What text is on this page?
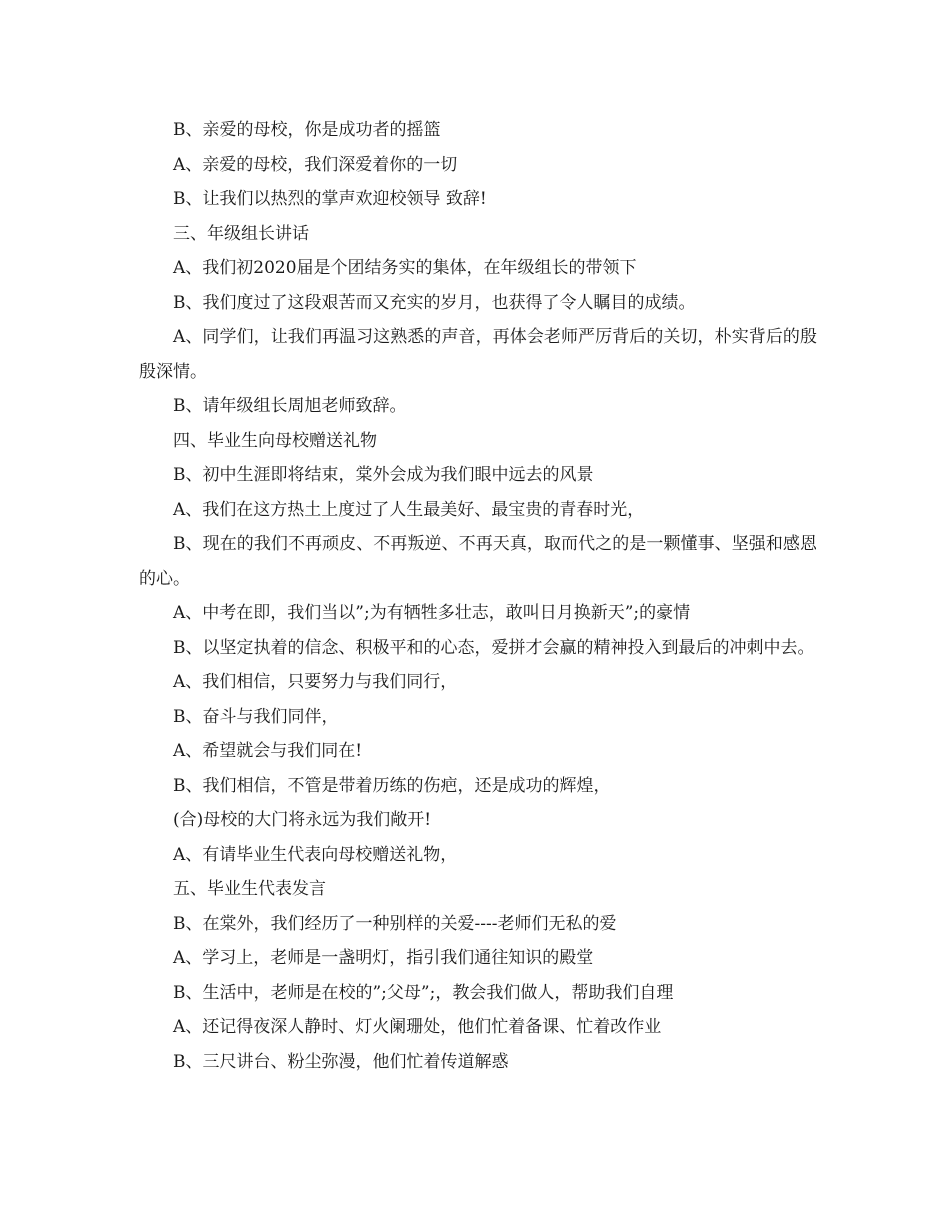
B、亲爱的母校，你是成功者的摇篮

A、亲爱的母校，我们深爱着你的一切

B、让我们以热烈的掌声欢迎校领导 致辞!

三、年级组长讲话

A、我们初2020届是个团结务实的集体，在年级组长的带领下

B、我们度过了这段艰苦而又充实的岁月，也获得了令人瞩目的成绩。

A、同学们，让我们再温习这熟悉的声音，再体会老师严厉背后的关切，朴实背后的殷殷深情。

B、请年级组长周旭老师致辞。

四、毕业生向母校赠送礼物

B、初中生涯即将结束，棠外会成为我们眼中远去的风景

A、我们在这方热土上度过了人生最美好、最宝贵的青春时光，

B、现在的我们不再顽皮、不再叛逆、不再天真，取而代之的是一颗懂事、坚强和感恩的心。

A、中考在即，我们当以”;为有牺牲多壮志，敢叫日月换新天”;的豪情

B、以坚定执着的信念、积极平和的心态，爱拼才会赢的精神投入到最后的冲刺中去。

A、我们相信，只要努力与我们同行，

B、奋斗与我们同伴，

A、希望就会与我们同在!

B、我们相信，不管是带着历练的伤疤，还是成功的辉煌，

(合)母校的大门将永远为我们敞开!

A、有请毕业生代表向母校赠送礼物，

五、毕业生代表发言

B、在棠外，我们经历了一种别样的关爱----老师们无私的爱

A、学习上，老师是一盏明灯，指引我们通往知识的殿堂

B、生活中，老师是在校的”;父母”;，教会我们做人，帮助我们自理

A、还记得夜深人静时、灯火阑珊处，他们忙着备课、忙着改作业

B、三尺讲台、粉尘弥漫，他们忙着传道解惑
